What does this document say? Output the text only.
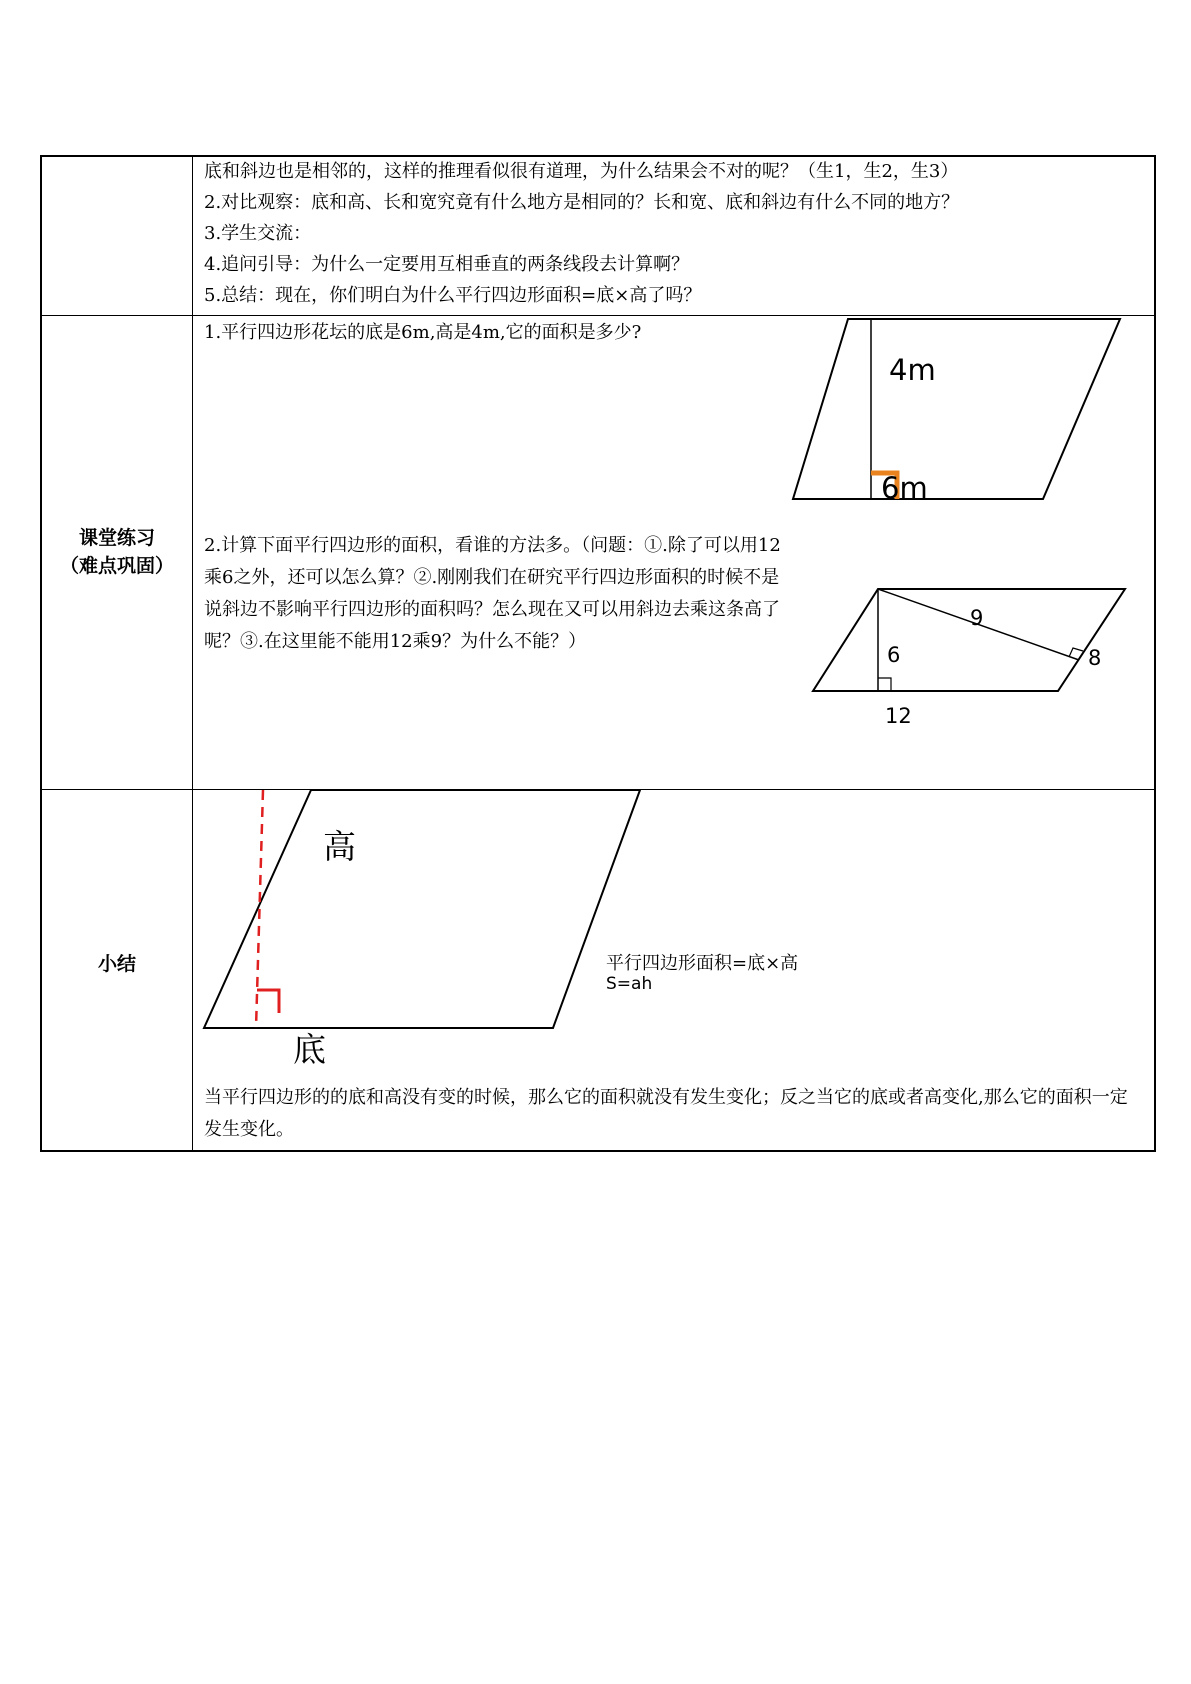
底和斜边也是相邻的，这样的推理看似很有道理，为什么结果会不对的呢？（生1，生2，生3）
2.对比观察：底和高、长和宽究竟有什么地方是相同的？长和宽、底和斜边有什么不同的地方？
3.学生交流：
4.追问引导：为什么一定要用互相垂直的两条线段去计算啊？
5.总结：现在，你们明白为什么平行四边形面积=底×高了吗？
课堂练习
（难点巩固）
1.平行四边形花坛的底是6m,高是4m,它的面积是多少?
4m
6m
2.计算下面平行四边形的面积，看谁的方法多。（问题：①.除了可以用12乘6之外，还可以怎么算？②.刚刚我们在研究平行四边形面积的时候不是说斜边不影响平行四边形的面积吗？怎么现在又可以用斜边去乘这条高了呢？③.在这里能不能用12乘9？为什么不能？）
9
6	8
12
小结
高
底
平行四边形面积=底×高
S=ah
当平行四边形的的底和高没有变的时候，那么它的面积就没有发生变化；反之当它的底或者高变化,那么它的面积一定发生变化。
